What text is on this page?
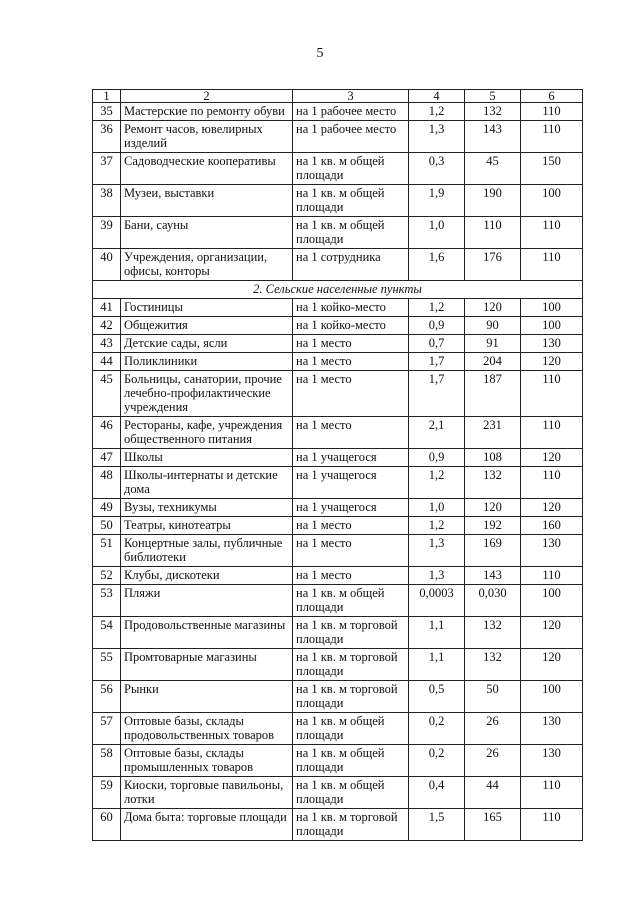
5
1	2	3	4	5	6
35	Мастерские по ремонту обуви	на 1 рабочее место	1,2	132	110
36	Ремонт часов, ювелирных изделий	на 1 рабочее место	1,3	143	110
37	Садоводческие кооперативы	на 1 кв. м общей площади	0,3	45	150
38	Музеи, выставки	на 1 кв. м общей площади	1,9	190	100
39	Бани, сауны	на 1 кв. м общей площади	1,0	110	110
40	Учреждения, организации, офисы, конторы	на 1 сотрудника	1,6	176	110
2. Сельские населенные пункты					
41	Гостиницы	на 1 койко-место	1,2	120	100
42	Общежития	на 1 койко-место	0,9	90	100
43	Детские сады, ясли	на 1 место	0,7	91	130
44	Поликлиники	на 1 место	1,7	204	120
45	Больницы, санатории, прочие лечебно-профилактические учреждения	на 1 место	1,7	187	110
46	Рестораны, кафе, учреждения общественного питания	на 1 место	2,1	231	110
47	Школы	на 1 учащегося	0,9	108	120
48	Школы-интернаты и детские дома	на 1 учащегося	1,2	132	110
49	Вузы, техникумы	на 1 учащегося	1,0	120	120
50	Театры, кинотеатры	на 1 место	1,2	192	160
51	Концертные залы, публичные библиотеки	на 1 место	1,3	169	130
52	Клубы, дискотеки	на 1 место	1,3	143	110
53	Пляжи	на 1 кв. м общей площади	0,0003	0,030	100
54	Продовольственные магазины	на 1 кв. м торговой площади	1,1	132	120
55	Промтоварные магазины	на 1 кв. м торговой площади	1,1	132	120
56	Рынки	на 1 кв. м торговой площади	0,5	50	100
57	Оптовые базы, склады продовольственных товаров	на 1 кв. м общей площади	0,2	26	130
58	Оптовые базы, склады промышленных товаров	на 1 кв. м общей площади	0,2	26	130
59	Киоски, торговые павильоны, лотки	на 1 кв. м общей площади	0,4	44	110
60	Дома быта: торговые площади	на 1 кв. м торговой площади	1,5	165	110
